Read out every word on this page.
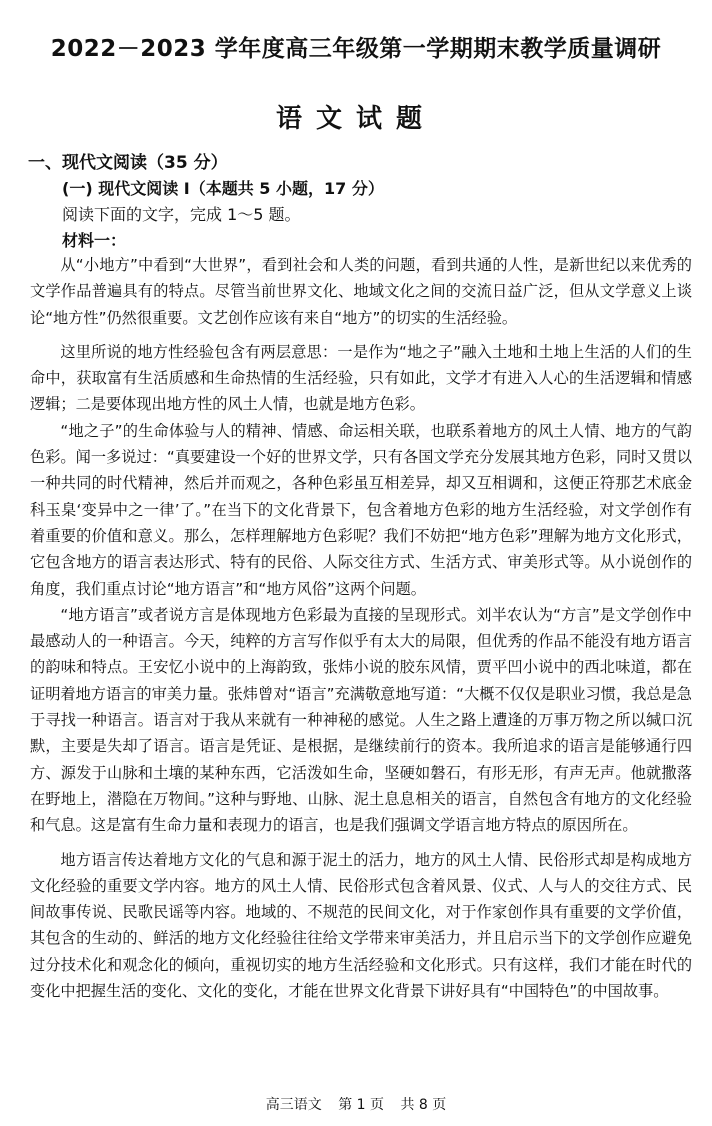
2022－2023 学年度高三年级第一学期期末教学质量调研
语文试题
一、现代文阅读（35 分）
(一) 现代文阅读 I（本题共 5 小题，17 分）
阅读下面的文字，完成 1～5 题。
材料一：

从“小地方”中看到“大世界”，看到社会和人类的问题，看到共通的人性，是新世纪以来优秀的文学作品普遍具有的特点。尽管当前世界文化、地域文化之间的交流日益广泛，但从文学意义上谈论“地方性”仍然很重要。文艺创作应该有来自“地方”的切实的生活经验。

这里所说的地方性经验包含有两层意思：一是作为“地之子”融入土地和土地上生活的人们的生命中，获取富有生活质感和生命热情的生活经验，只有如此，文学才有进入人心的生活逻辑和情感逻辑；二是要体现出地方性的风土人情，也就是地方色彩。

“地之子”的生命体验与人的精神、情感、命运相关联，也联系着地方的风土人情、地方的气韵色彩。闻一多说过：“真要建设一个好的世界文学，只有各国文学充分发展其地方色彩，同时又贯以一种共同的时代精神，然后并而观之，各种色彩虽互相差异，却又互相调和，这便正符那艺术底金科玉臬‘变异中之一律’了。”在当下的文化背景下，包含着地方色彩的地方生活经验，对文学创作有着重要的价值和意义。那么，怎样理解地方色彩呢？我们不妨把“地方色彩”理解为地方文化形式，它包含地方的语言表达形式、特有的民俗、人际交往方式、生活方式、审美形式等。从小说创作的角度，我们重点讨论“地方语言”和“地方风俗”这两个问题。

“地方语言”或者说方言是体现地方色彩最为直接的呈现形式。刘半农认为“方言”是文学创作中最感动人的一种语言。今天，纯粹的方言写作似乎有太大的局限，但优秀的作品不能没有地方语言的韵味和特点。王安忆小说中的上海韵致，张炜小说的胶东风情，贾平凹小说中的西北味道，都在证明着地方语言的审美力量。张炜曾对“语言”充满敬意地写道：“大概不仅仅是职业习惯，我总是急于寻找一种语言。语言对于我从来就有一种神秘的感觉。人生之路上遭逢的万事万物之所以缄口沉默，主要是失却了语言。语言是凭证、是根据，是继续前行的资本。我所追求的语言是能够通行四方、源发于山脉和土壤的某种东西，它活泼如生命，坚硬如磐石，有形无形，有声无声。他就撒落在野地上，潜隐在万物间。”这种与野地、山脉、泥土息息相关的语言，自然包含有地方的文化经验和气息。这是富有生命力量和表现力的语言，也是我们强调文学语言地方特点的原因所在。

地方语言传达着地方文化的气息和源于泥土的活力，地方的风土人情、民俗形式却是构成地方文化经验的重要文学内容。地方的风土人情、民俗形式包含着风景、仪式、人与人的交往方式、民间故事传说、民歌民谣等内容。地域的、不规范的民间文化，对于作家创作具有重要的文学价值，其包含的生动的、鲜活的地方文化经验往往给文学带来审美活力，并且启示当下的文学创作应避免过分技术化和观念化的倾向，重视切实的地方生活经验和文化形式。只有这样，我们才能在时代的变化中把握生活的变化、文化的变化，才能在世界文化背景下讲好具有“中国特色”的中国故事。

高三语文 第 1 页 共 8 页
